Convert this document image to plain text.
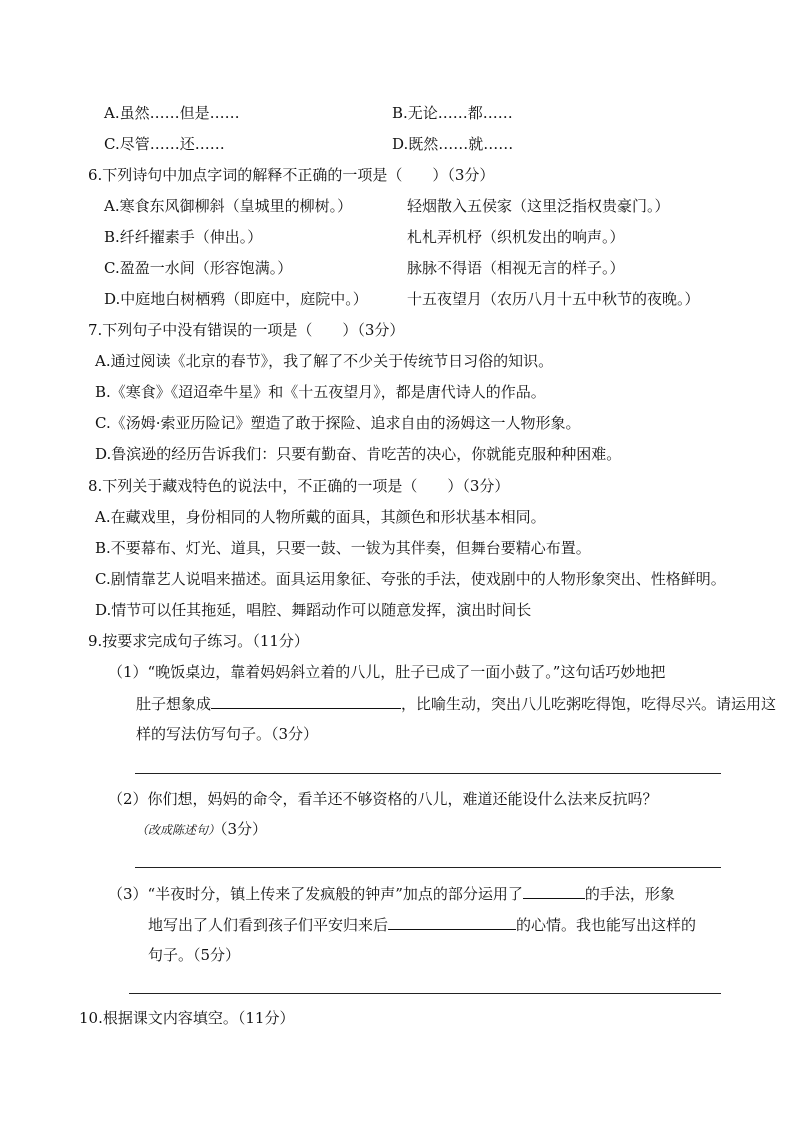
A.虽然……但是……	B.无论……都……
C.尽管……还……	D.既然……就……
6.下列诗句中加点字词的解释不正确的一项是（　　）（3分）
A.寒食东风御柳斜（皇城里的柳树。）	轻烟散入五侯家（这里泛指权贵豪门。）
B.纤纤擢素手（伸出。）	札札弄机杼（织机发出的响声。）
C.盈盈一水间（形容饱满。）	脉脉不得语（相视无言的样子。）
D.中庭地白树栖鸦（即庭中，庭院中。）	十五夜望月（农历八月十五中秋节的夜晚。）
7.下列句子中没有错误的一项是（　　）（3分）
A.通过阅读《北京的春节》，我了解了不少关于传统节日习俗的知识。
B.《寒食》《迢迢牵牛星》和《十五夜望月》，都是唐代诗人的作品。
C.《汤姆·索亚历险记》塑造了敢于探险、追求自由的汤姆这一人物形象。
D.鲁滨逊的经历告诉我们：只要有勤奋、肯吃苦的决心，你就能克服种种困难。
8.下列关于藏戏特色的说法中，不正确的一项是（　　）（3分）
A.在藏戏里，身份相同的人物所戴的面具，其颜色和形状基本相同。
B.不要幕布、灯光、道具，只要一鼓、一钹为其伴奏，但舞台要精心布置。
C.剧情靠艺人说唱来描述。面具运用象征、夸张的手法，使戏剧中的人物形象突出、性格鲜明。
D.情节可以任其拖延，唱腔、舞蹈动作可以随意发挥，演出时间长
9.按要求完成句子练习。（11分）
（1）“晚饭桌边，靠着妈妈斜立着的八儿，肚子已成了一面小鼓了。”这句话巧妙地把
肚子想象成	，比喻生动，突出八儿吃粥吃得饱，吃得尽兴。请运用这
样的写法仿写句子。（3分）
（2）你们想，妈妈的命令，看羊还不够资格的八儿，难道还能设什么法来反抗吗？
（改成陈述句）（3分）
（3）“半夜时分，镇上传来了发疯般的钟声”加点的部分运用了	的手法，形象
地写出了人们看到孩子们平安归来后	的心情。我也能写出这样的
句子。（5分）
10.根据课文内容填空。（11分）
